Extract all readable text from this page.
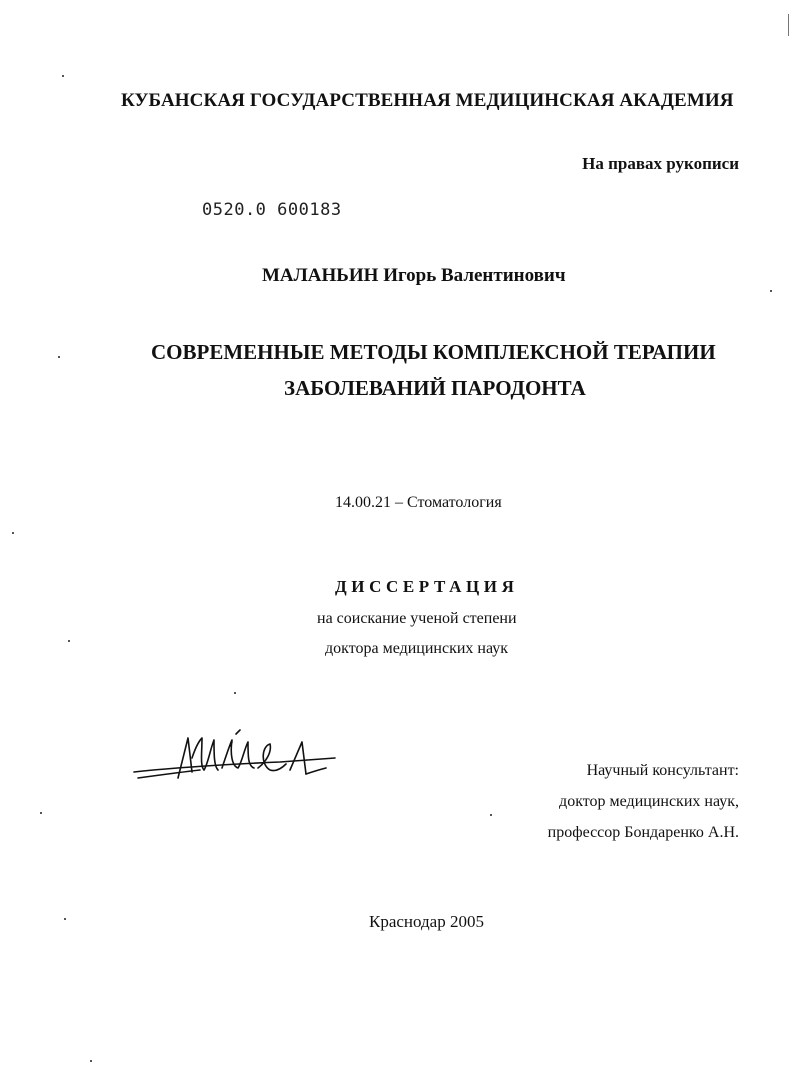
КУБАНСКАЯ ГОСУДАРСТВЕННАЯ МЕДИЦИНСКАЯ АКАДЕМИЯ
На правах рукописи
0520.0 600183
МАЛАНЬИН Игорь Валентинович
СОВРЕМЕННЫЕ МЕТОДЫ КОМПЛЕКСНОЙ ТЕРАПИИ
ЗАБОЛЕВАНИЙ ПАРОДОНТА
14.00.21 – Стоматология
ДИССЕРТАЦИЯ
на соискание ученой степени
доктора медицинских наук
Научный консультант:
доктор медицинских наук,
профессор Бондаренко А.Н.
Краснодар 2005
